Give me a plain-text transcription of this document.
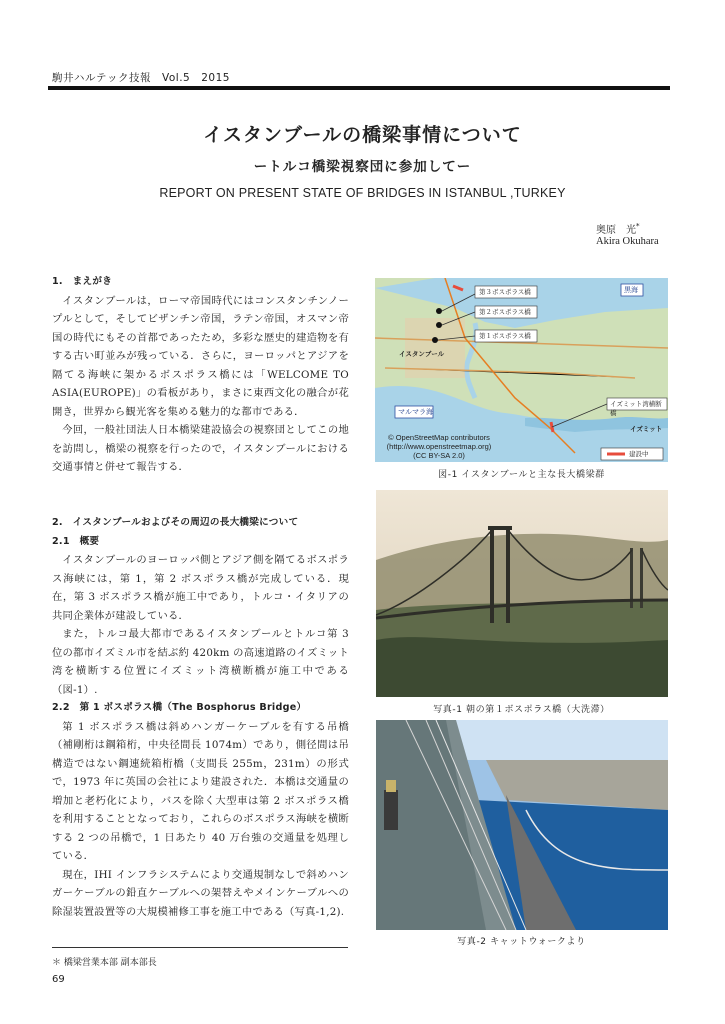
駒井ハルテック技報　Vol.5　2015
イスタンブールの橋梁事情について
ートルコ橋梁視察団に参加してー
REPORT ON PRESENT STATE OF BRIDGES IN ISTANBUL ,TURKEY
奥原　光*
Akira Okuhara
1.　まえがき

イスタンブールは，ローマ帝国時代にはコンスタンチンノープルとして，そしてビザンチン帝国，ラテン帝国，オスマン帝国の時代にもその首都であったため，多彩な歴史的建造物を有する古い町並みが残っている．さらに，ヨーロッパとアジアを隔てる海峡に架かるボスポラス橋には「WELCOME TO ASIA(EUROPE)」の看板があり，まさに東西文化の融合が花開き，世界から観光客を集める魅力的な都市である．

今回，一般社団法人日本橋梁建設協会の視察団としてこの地を訪問し，橋梁の視察を行ったので，イスタンブールにおける交通事情と併せて報告する．

2.　イスタンブールおよびその周辺の長大橋梁について
2.1　概要

イスタンブールのヨーロッパ側とアジア側を隔てるボスポラス海峡には，第 1，第 2 ボスポラス橋が完成している．現在，第 3 ボスポラス橋が施工中であり，トルコ・イタリアの共同企業体が建設している．

また，トルコ最大都市であるイスタンブールとトルコ第 3 位の都市イズミル市を結ぶ約 420km の高速道路のイズミット湾を横断する位置にイズミット湾横断橋が施工中である（図-1）.

2.2　第 1 ボスポラス橋（The Bosphorus Bridge）

第 1 ボスポラス橋は斜めハンガーケーブルを有する吊橋（補剛桁は鋼箱桁，中央径間長 1074m）であり，側径間は吊構造ではない鋼連続箱桁橋（支間長 255m，231m）の形式で，1973 年に英国の会社により建設された．本橋は交通量の増加と老朽化により，バスを除く大型車は第 2 ボスポラス橋を利用することとなっており，これらのボスポラス海峡を横断する 2 つの吊橋で，1 日あたり 40 万台強の交通量を処理している．

現在，IHI インフラシステムにより交通規制なしで斜めハンガーケーブルの鉛直ケーブルへの架替えやメインケーブルへの除湿装置設置等の大規模補修工事を施工中である（写真-1,2).

第３ボスポラス橋
第２ボスポラス橋
第１ボスポラス橋
黒海
イスタンブール
マルマラ海
イズミット湾横断橋
イズミット
建設中
© OpenStreetMap contributors
(http://www.openstreetmap.org)
(CC BY-SA 2.0)
図-1 イスタンブールと主な長大橋梁群
写真-1 朝の第１ボスポラス橋（大洗滞）
写真-2 キャットウォークより
＊ 橋梁営業本部 副本部長
69
